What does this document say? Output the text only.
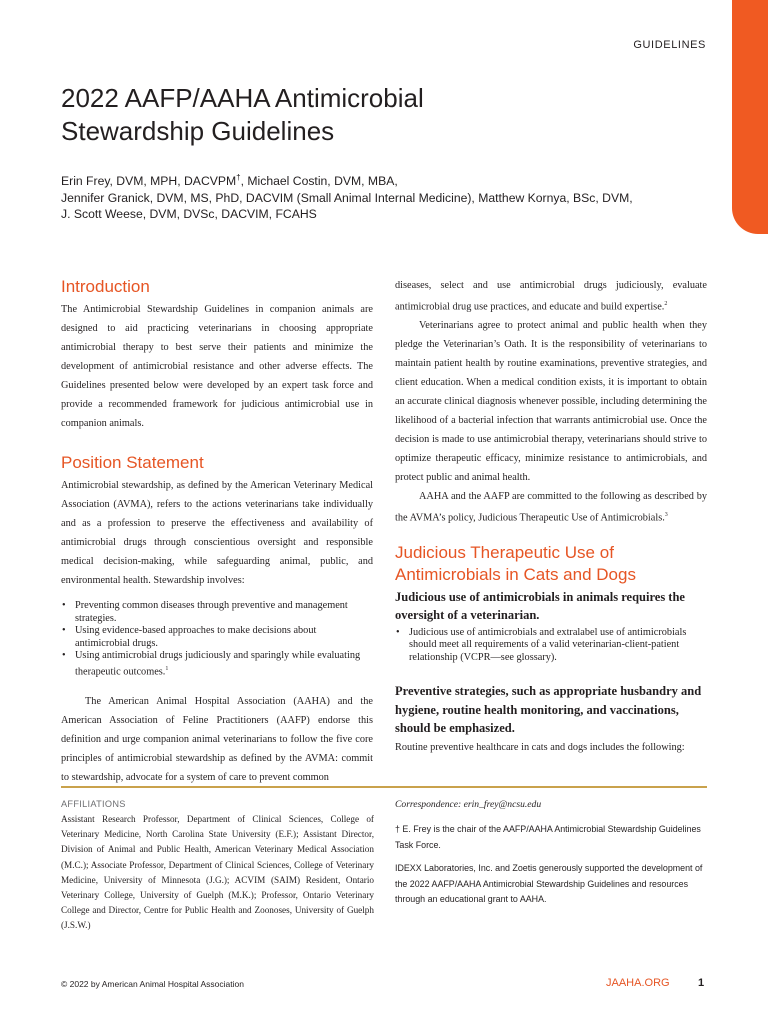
GUIDELINES
2022 AAFP/AAHA Antimicrobial
Stewardship Guidelines
Erin Frey, DVM, MPH, DACVPM†, Michael Costin, DVM, MBA,
Jennifer Granick, DVM, MS, PhD, DACVIM (Small Animal Internal Medicine), Matthew Kornya, BSc, DVM,
J. Scott Weese, DVM, DVSc, DACVIM, FCAHS
Introduction

The Antimicrobial Stewardship Guidelines in companion animals are designed to aid practicing veterinarians in choosing appropriate antimicrobial therapy to best serve their patients and minimize the development of antimicrobial resistance and other adverse effects. The Guidelines presented below were developed by an expert task force and provide a recommended framework for judicious antimicrobial use in companion animals.

Position Statement

Antimicrobial stewardship, as defined by the American Veterinary Medical Association (AVMA), refers to the actions veterinarians take individually and as a profession to preserve the effectiveness and availability of antimicrobial drugs through conscientious oversight and responsible medical decision-making, while safeguarding animal, public, and environmental health. Stewardship involves:

• Preventing common diseases through preventive and management strategies.
• Using evidence-based approaches to make decisions about antimicrobial drugs.
• Using antimicrobial drugs judiciously and sparingly while evaluating therapeutic outcomes.$^1$

The American Animal Hospital Association (AAHA) and the American Association of Feline Practitioners (AAFP) endorse this definition and urge companion animal veterinarians to follow the five core principles of antimicrobial stewardship as defined by the AVMA: commit to stewardship, advocate for a system of care to prevent common

diseases, select and use antimicrobial drugs judiciously, evaluate antimicrobial drug use practices, and educate and build expertise.$^2$

Veterinarians agree to protect animal and public health when they pledge the Veterinarian’s Oath. It is the responsibility of veterinarians to maintain patient health by routine examinations, preventive strategies, and client education. When a medical condition exists, it is important to obtain an accurate clinical diagnosis whenever possible, including determining the likelihood of a bacterial infection that warrants antimicrobial use. Once the decision is made to use antimicrobial therapy, veterinarians should strive to optimize therapeutic efficacy, minimize resistance to antimicrobials, and protect public and animal health.

AAHA and the AAFP are committed to the following as described by the AVMA’s policy, Judicious Therapeutic Use of Antimicrobials.$^3$

Judicious Therapeutic Use of
Antimicrobials in Cats and Dogs

Judicious use of antimicrobials in animals requires the oversight of a veterinarian.

• Judicious use of antimicrobials and extralabel use of antimicrobials should meet all requirements of a valid veterinarian-client-patient relationship (VCPR—see glossary).

Preventive strategies, such as appropriate husbandry and hygiene, routine health monitoring, and vaccinations, should be emphasized.

Routine preventive healthcare in cats and dogs includes the following:

AFFILIATIONS

Assistant Research Professor, Department of Clinical Sciences, College of Veterinary Medicine, North Carolina State University (E.F.); Assistant Director, Division of Animal and Public Health, American Veterinary Medical Association (M.C.); Associate Professor, Department of Clinical Sciences, College of Veterinary Medicine, University of Minnesota (J.G.); ACVIM (SAIM) Resident, Ontario Veterinary College, University of Guelph (M.K.); Professor, Ontario Veterinary College and Director, Centre for Public Health and Zoonoses, University of Guelph (J.S.W.)

Correspondence: erin_frey@ncsu.edu

† E. Frey is the chair of the AAFP/AAHA Antimicrobial Stewardship Guidelines Task Force.

IDEXX Laboratories, Inc. and Zoetis generously supported the development of the 2022 AAFP/AAHA Antimicrobial Stewardship Guidelines and resources through an educational grant to AAHA.

© 2022 by American Animal Hospital Association	JAAHA.ORG	1
